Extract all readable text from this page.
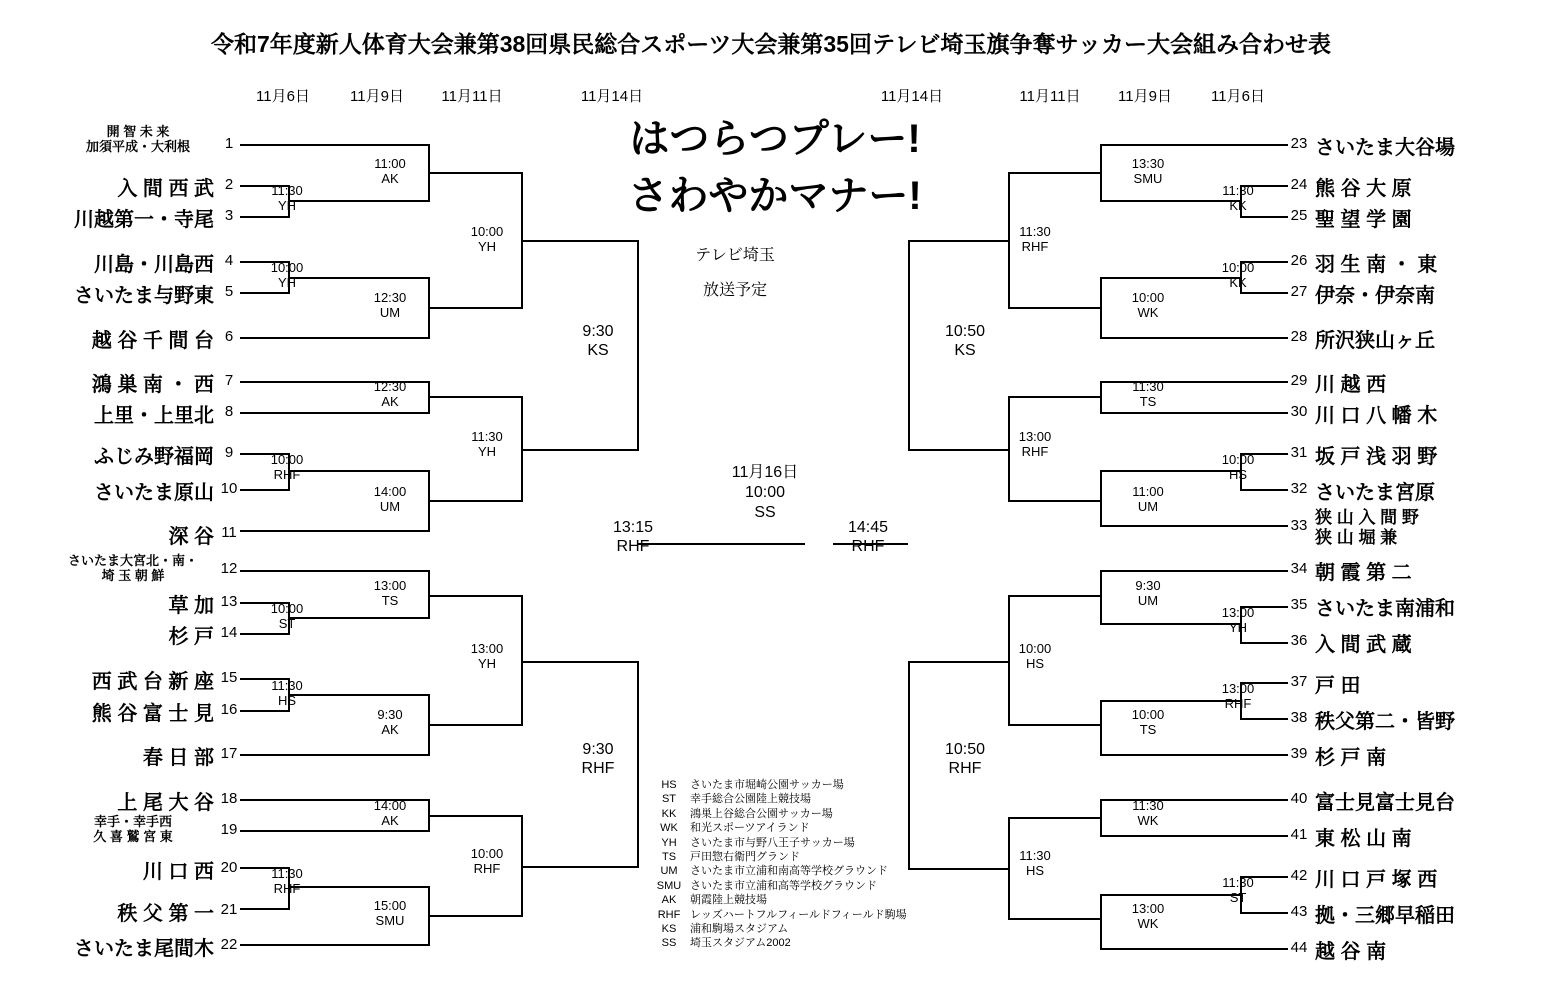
令和7年度新人体育大会兼第38回県民総合スポーツ大会兼第35回テレビ埼玉旗争奪サッカー大会組み合わせ表
11月6日	11月9日	11月11日	11月14日	11月14日	11月11日	11月9日	11月6日
はつらつプレー!
さわやかマナー!
テレビ埼玉
放送予定
11月16日
10:00
SS
開 智 未 来
加須平成・大利根	1
入 間 西 武 2
川越第一・寺尾 3
川島・川島西 4
さいたま与野東 5
越 谷 千 間 台 6
鴻 巣 南 ・ 西 7
上里・上里北 8
ふじみ野福岡 9
さいたま原山 10
深 谷 11
さいたま大宮北・南・
埼 玉 朝 鮮	12
草 加 13
杉 戸 14
西 武 台 新 座 15
熊 谷 富 士 見 16
春 日 部 17
上 尾 大 谷 18
幸手・幸手西
久 喜 鷲 宮 東	19
川 口 西 20
秩 父 第 一 21
さいたま尾間木 22
23 さいたま大谷場
24 熊 谷 大 原
25 聖 望 学 園
26 羽 生 南 ・ 東
27 伊奈・伊奈南
28 所沢狭山ヶ丘
29 川 越 西
30 川 口 八 幡 木
31 坂 戸 浅 羽 野
32 さいたま宮原
33 狭 山 入 間 野
狭 山 堀 兼
34 朝 霞 第 二
35 さいたま南浦和
36 入 間 武 蔵
37 戸 田
38 秩父第二・皆野
39 杉 戸 南
40 富士見富士見台
41 東 松 山 南
42 川 口 戸 塚 西
43 拠・三郷早稲田
44 越 谷 南
11:30
YH
11:00
AK
10:00
YH
12:30
UM
10:00
YH
12:30
AK
10:00
RHF
14:00
UM
11:30
YH
9:30
KS
10:00
ST
13:00
TS
11:30
HS
9:30
AK
13:00
YH
14:00
AK
11:30
RHF
15:00
SMU
10:00
RHF
9:30
RHF
13:15
RHF
11:30
KK
13:30
SMU
10:00
KK
10:00
WK
11:30
RHF
11:30
TS
10:00
HS
11:00
UM
13:00
RHF
10:50
KS
13:00
YH
9:30
UM
13:00
RHF
10:00
TS
10:00
HS
11:30
WK
11:30
ST
13:00
WK
11:30
HS
10:50
RHF
14:45
RHF
HS	さいたま市堀崎公園サッカー場
ST	幸手総合公園陸上競技場
KK	鴻巣上谷総合公園サッカー場
WK	和光スポーツアイランド
YH	さいたま市与野八王子サッカー場
TS	戸田惣右衛門グランド
UM	さいたま市立浦和南高等学校グラウンド
SMU	さいたま市立浦和高等学校グラウンド
AK	朝霞陸上競技場
RHF	レッズハートフルフィールドフィールド駒場
KS	浦和駒場スタジアム
SS	埼玉スタジアム2002
